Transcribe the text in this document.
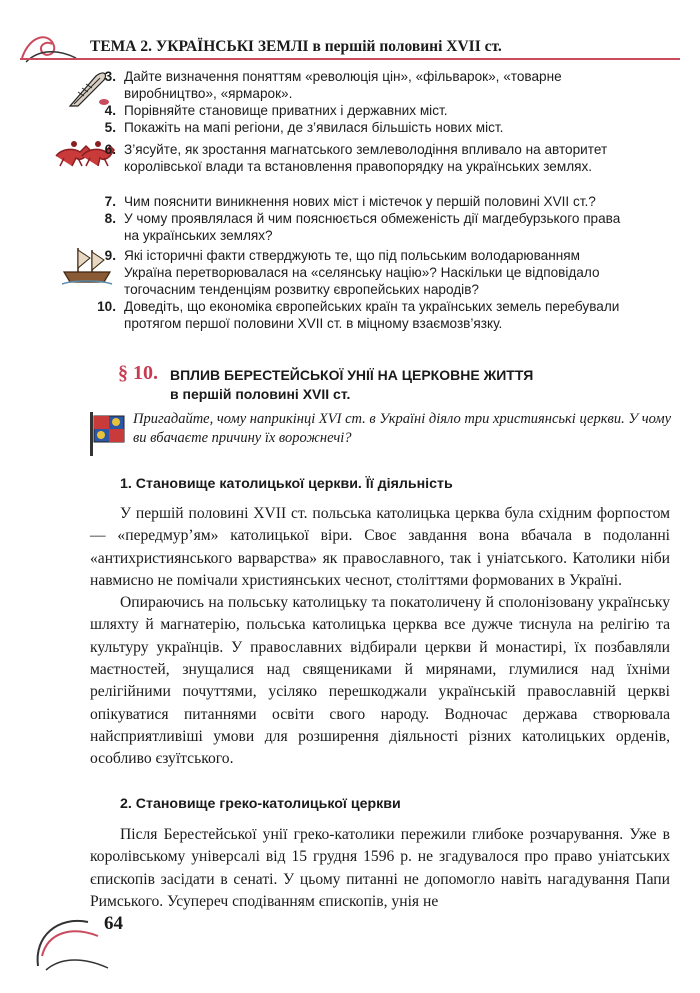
ТЕМА 2. УКРАЇНСЬКІ ЗЕМЛІ в першій половині XVII ст.
3. Дайте визначення поняттям «революція цін», «фільварок», «товарне виробництво», «ярмарок».
4. Порівняйте становище приватних і державних міст.
5. Покажіть на мапі регіони, де з’явилася більшість нових міст.
6. З’ясуйте, як зростання магнатського землеволодіння впливало на авторитет королівської влади та встановлення правопорядку на українських землях.
7. Чим пояснити виникнення нових міст і містечок у першій половині XVII ст.?
8. У чому проявлялася й чим пояснюється обмеженість дії магдебурзького права на українських землях?
9. Які історичні факти стверджують те, що під польським володарюванням Україна перетворювалася на «селянську націю»? Наскільки це відповідало тогочасним тенденціям розвитку європейських народів?
10. Доведіть, що економіка європейських країн та українських земель перебували протягом першої половини XVII ст. в міцному взаємозв’язку.
§ 10. ВПЛИВ БЕРЕСТЕЙСЬКОЇ УНІЇ НА ЦЕРКОВНЕ ЖИТТЯ
в першій половині XVII ст.
Пригадайте, чому наприкінці XVI ст. в Україні діяло три християнські церкви. У чому ви вбачаєте причину їх ворожнечі?
1. Становище католицької церкви. Її діяльність

У першій половині XVII ст. польська католицька церква була східним форпостом — «передмур’ям» католицької віри. Своє завдання вона вбачала в подоланні «антихристиянського варварства» як православного, так і уніатського. Католики ніби навмисно не помічали християнських чеснот, століттями формованих в Україні.

Опираючись на польську католицьку та покатоличену й сполонізовану українську шляхту й магнатерію, польська католицька церква все дужче тиснула на релігію та культуру українців. У православних відбирали церкви й монастирі, їх позбавляли маєтностей, знущалися над священиками й мирянами, глумилися над їхніми релігійними почуттями, усіляко перешкоджали українській православній церкві опікуватися питаннями освіти свого народу. Водночас держава створювала найсприятливіші умови для розширення діяльності різних католицьких орденів, особливо єзуїтського.

2. Становище греко-католицької церкви

Після Берестейської унії греко-католики пережили глибоке розчарування. Уже в королівському універсалі від 15 грудня 1596 р. не згадувалося про право уніатських єпископів засідати в сенаті. У цьому питанні не допомогло навіть нагадування Папи Римського. Усупереч сподіванням єпископів, унія не

64
